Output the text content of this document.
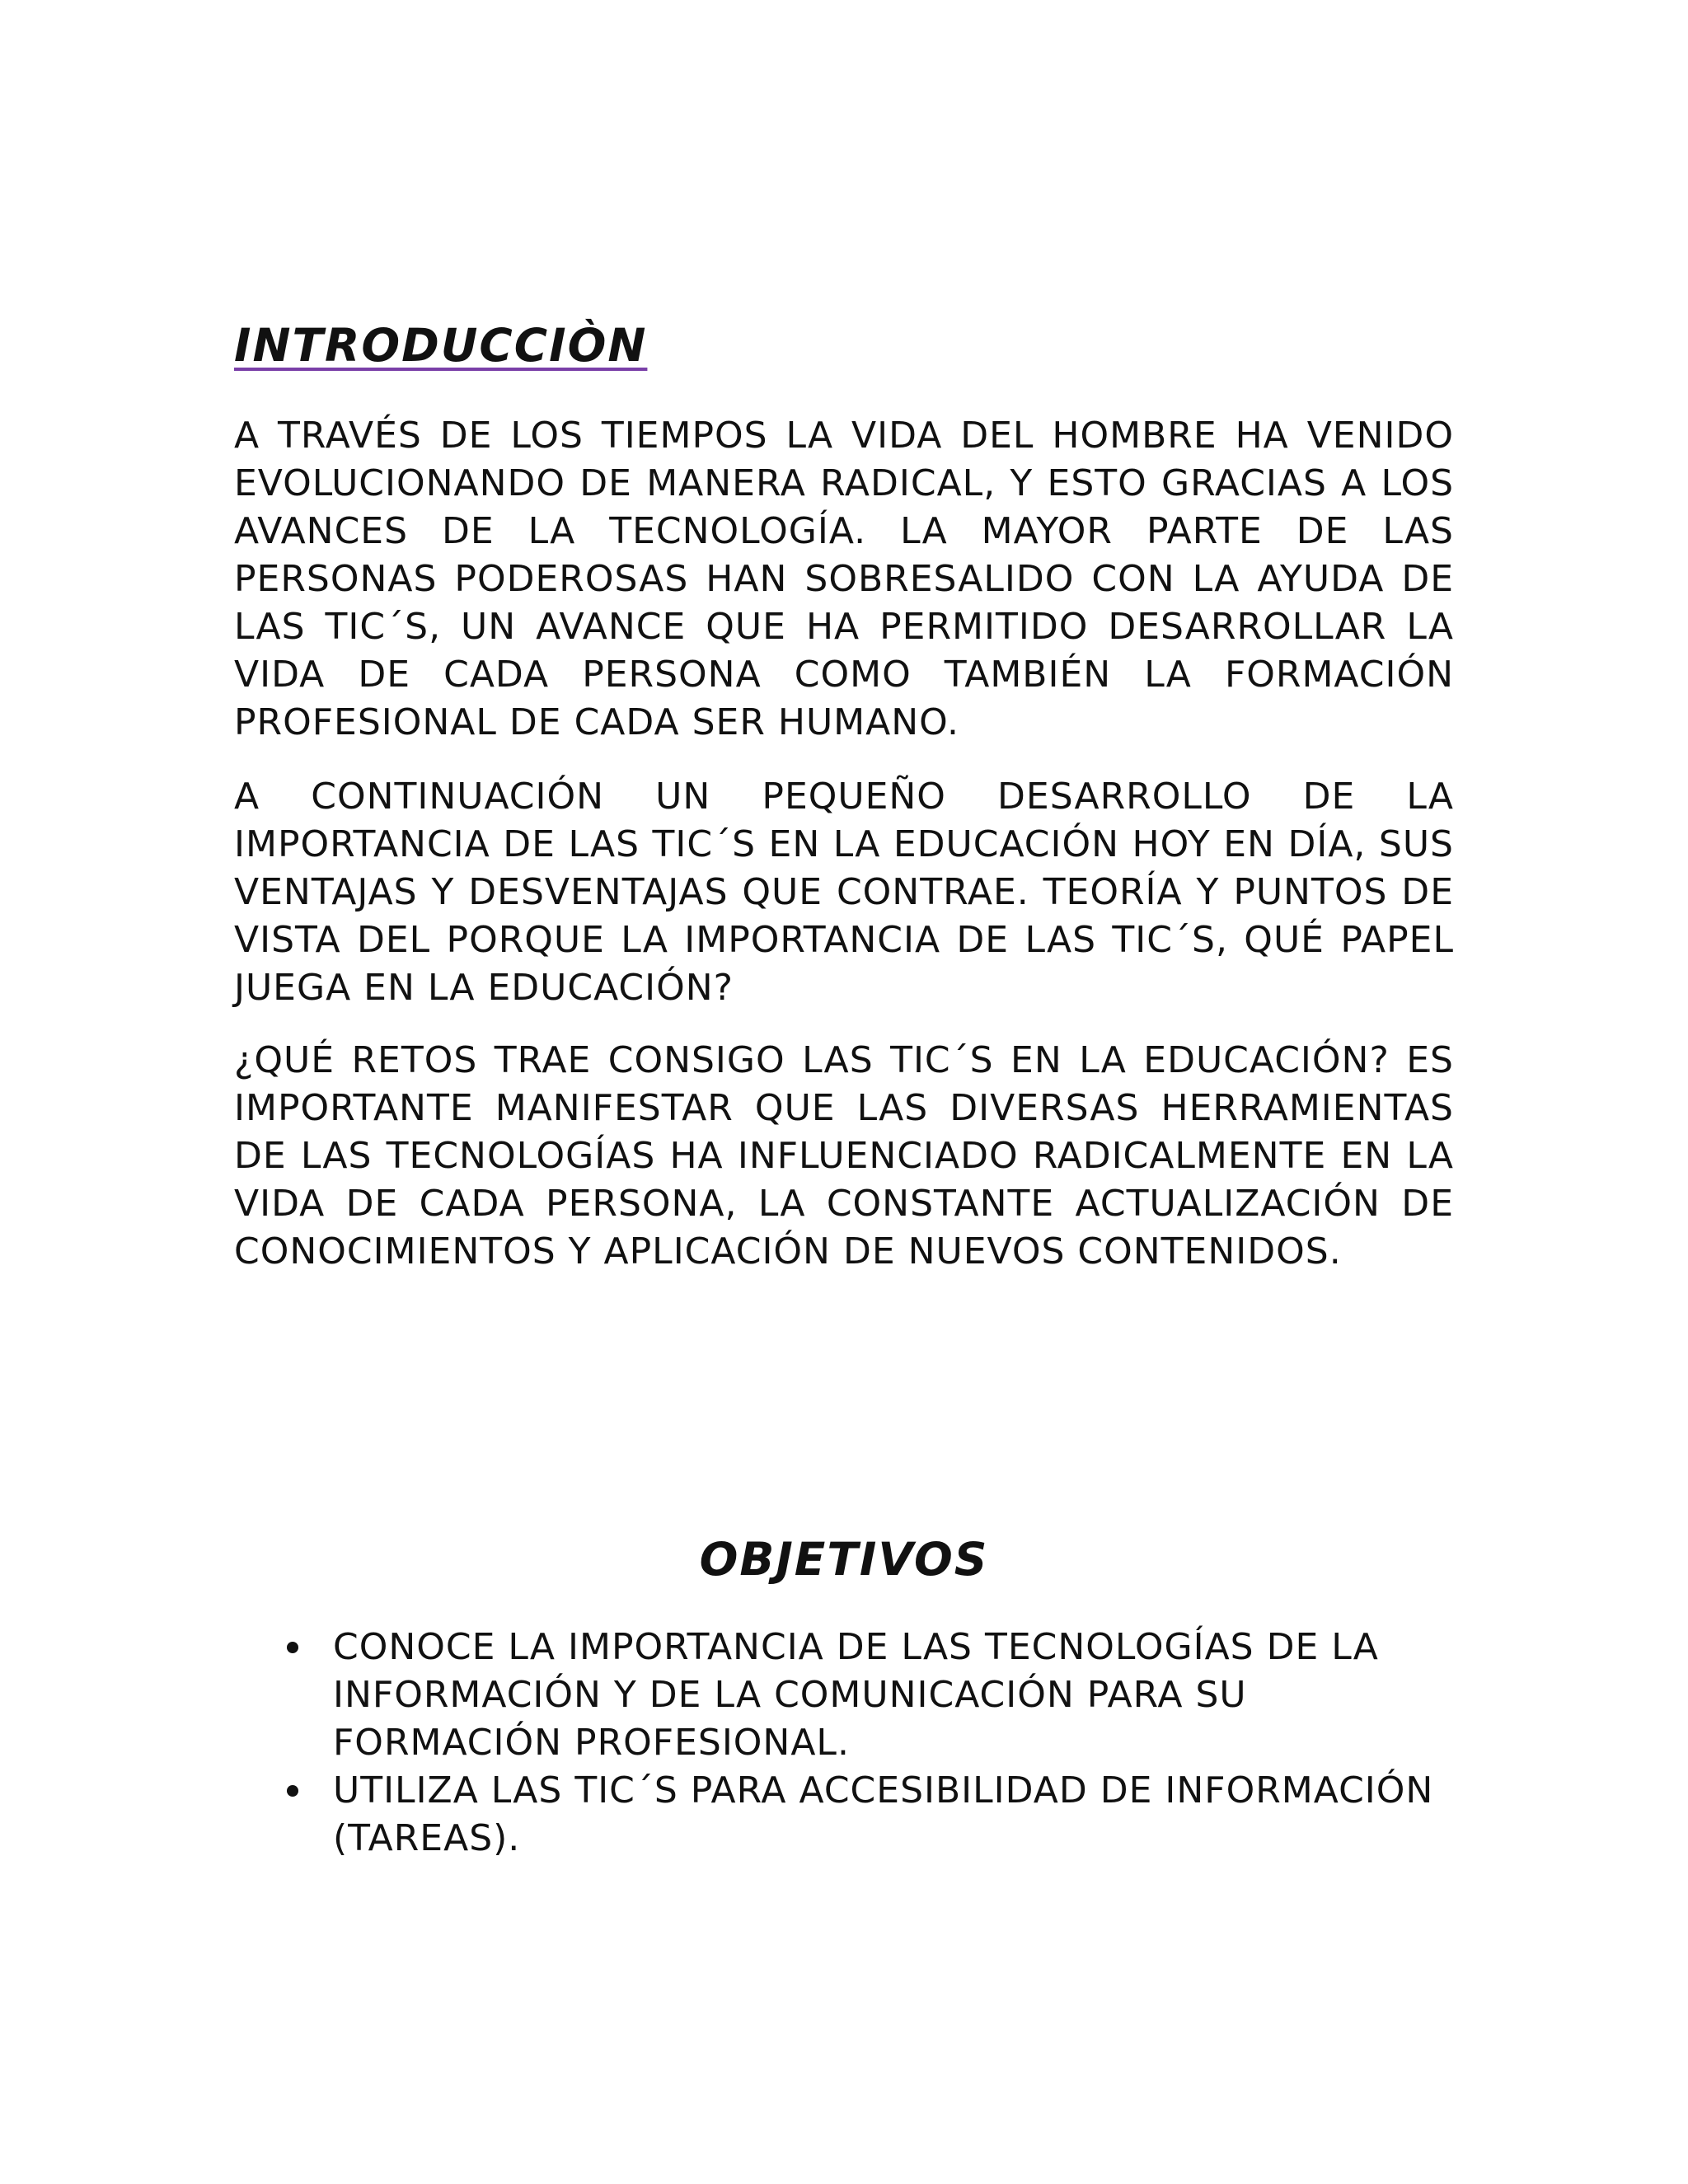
INTRODUCCIÒN

A TRAVÉS DE LOS TIEMPOS LA VIDA DEL HOMBRE HA VENIDO EVOLUCIONANDO DE MANERA RADICAL, Y ESTO GRACIAS A LOS AVANCES DE LA TECNOLOGÍA. LA MAYOR PARTE DE LAS PERSONAS PODEROSAS HAN SOBRESALIDO CON LA AYUDA DE LAS TIC´S, UN AVANCE QUE HA PERMITIDO DESARROLLAR LA VIDA DE CADA PERSONA COMO TAMBIÉN LA FORMACIÓN PROFESIONAL DE CADA SER HUMANO.

A CONTINUACIÓN UN PEQUEÑO DESARROLLO DE LA IMPORTANCIA DE LAS TIC´S EN LA EDUCACIÓN HOY EN DÍA, SUS VENTAJAS Y DESVENTAJAS QUE CONTRAE. TEORÍA Y PUNTOS DE VISTA DEL PORQUE LA IMPORTANCIA DE LAS TIC´S, QUÉ PAPEL JUEGA EN LA EDUCACIÓN?

¿QUÉ RETOS TRAE CONSIGO LAS TIC´S EN LA EDUCACIÓN? ES IMPORTANTE MANIFESTAR QUE LAS DIVERSAS HERRAMIENTAS DE LAS TECNOLOGÍAS HA INFLUENCIADO RADICALMENTE EN LA VIDA DE CADA PERSONA, LA CONSTANTE ACTUALIZACIÓN DE CONOCIMIENTOS Y APLICACIÓN DE NUEVOS CONTENIDOS.

OBJETIVOS
CONOCE LA IMPORTANCIA DE LAS TECNOLOGÍAS DE LA INFORMACIÓN Y DE LA COMUNICACIÓN PARA SU FORMACIÓN PROFESIONAL.
UTILIZA LAS TIC´S PARA ACCESIBILIDAD DE INFORMACIÓN (TAREAS).
